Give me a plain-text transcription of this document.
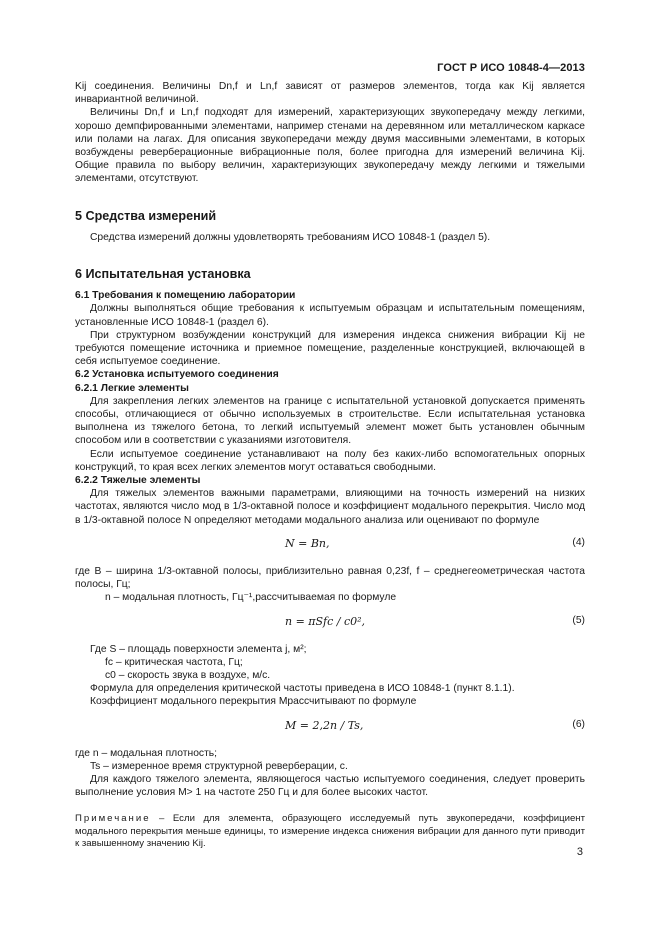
ГОСТ Р ИСО 10848-4—2013

Kij соединения. Величины Dn,f и Ln,f зависят от размеров элементов, тогда как Kij является инвариантной величиной.

Величины Dn,f и Ln,f подходят для измерений, характеризующих звукопередачу между легкими, хорошо демпфированными элементами, например стенами на деревянном или металлическом каркасе или полами на лагах. Для описания звукопередачи между двумя массивными элементами, в которых возбуждены реверберационные вибрационные поля, более пригодна для измерений величина Kij. Общие правила по выбору величин, характеризующих звукопередачу между легкими и тяжелыми элементами, отсутствуют.

5 Средства измерений

Средства измерений должны удовлетворять требованиям ИСО 10848-1 (раздел 5).

6 Испытательная установка

6.1 Требования к помещению лаборатории

Должны выполняться общие требования к испытуемым образцам и испытательным помещениям, установленные ИСО 10848-1 (раздел 6).

При структурном возбуждении конструкций для измерения индекса снижения вибрации Kij не требуются помещение источника и приемное помещение, разделенные конструкцией, включающей в себя испытуемое соединение.

6.2 Установка испытуемого соединения

6.2.1 Легкие элементы

Для закрепления легких элементов на границе с испытательной установкой допускается применять способы, отличающиеся от обычно используемых в строительстве. Если испытательная установка выполнена из тяжелого бетона, то легкий испытуемый элемент может быть установлен обычным способом или в соответствии с указаниями изготовителя.

Если испытуемое соединение устанавливают на полу без каких-либо вспомогательных опорных конструкций, то края всех легких элементов могут оставаться свободными.

6.2.2 Тяжелые элементы

Для тяжелых элементов важными параметрами, влияющими на точность измерений на низких частотах, являются число мод в 1/3-октавной полосе и коэффициент модального перекрытия. Число мод в 1/3-октавной полосе N определяют методами модального анализа или оценивают по формуле

N = Bn,	(4)

где B – ширина 1/3-октавной полосы, приблизительно равная 0,23f, f – среднегеометрическая частота полосы, Гц;

n – модальная плотность, Гц⁻¹,рассчитываемая по формуле

n = πSfc / c0²,	(5)

Где S – площадь поверхности элемента j, м²;

fc – критическая частота, Гц;

c0 – скорость звука в воздухе, м/с.

Формула для определения критической частоты приведена в ИСО 10848-1 (пункт 8.1.1).

Коэффициент модального перекрытия Mрассчитывают по формуле

M = 2,2n / Ts,	(6)

где n – модальная плотность;

Ts – измеренное время структурной реверберации, с.

Для каждого тяжелого элемента, являющегося частью испытуемого соединения, следует проверить выполнение условия M> 1 на частоте 250 Гц и для более высоких частот.

Примечание – Если для элемента, образующего исследуемый путь звукопередачи, коэффициент модального перекрытия меньше единицы, то измерение индекса снижения вибрации для данного пути приводит к завышенному значению Kij.

3
